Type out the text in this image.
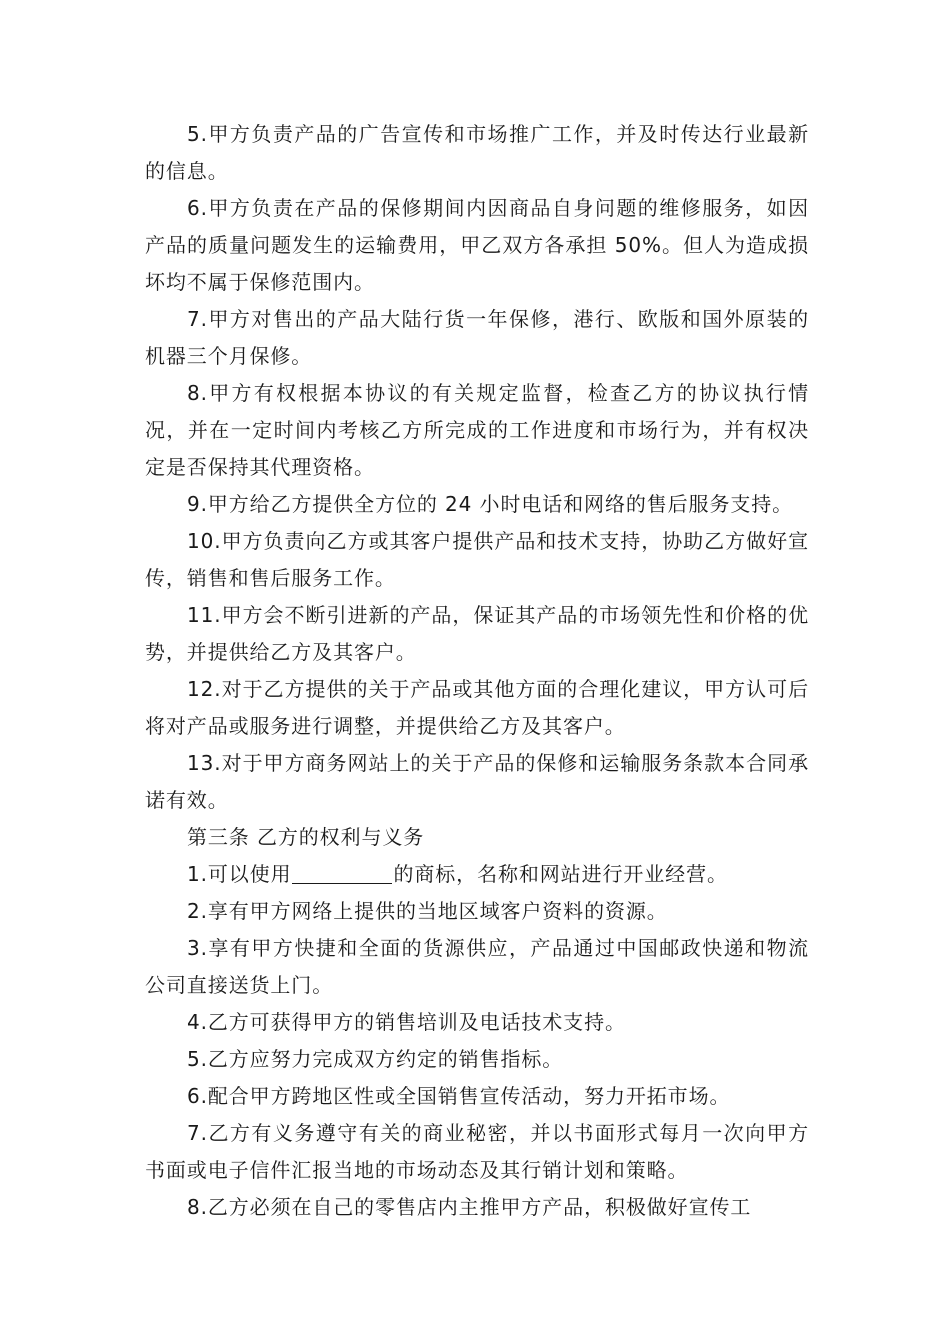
5.甲方负责产品的广告宣传和市场推广工作，并及时传达行业最新的信息。

6.甲方负责在产品的保修期间内因商品自身问题的维修服务，如因产品的质量问题发生的运输费用，甲乙双方各承担 50%。但人为造成损坏均不属于保修范围内。

7.甲方对售出的产品大陆行货一年保修，港行、欧版和国外原装的机器三个月保修。

8.甲方有权根据本协议的有关规定监督，检查乙方的协议执行情况，并在一定时间内考核乙方所完成的工作进度和市场行为，并有权决定是否保持其代理资格。

9.甲方给乙方提供全方位的 24 小时电话和网络的售后服务支持。

10.甲方负责向乙方或其客户提供产品和技术支持，协助乙方做好宣传，销售和售后服务工作。

11.甲方会不断引进新的产品，保证其产品的市场领先性和价格的优势，并提供给乙方及其客户。

12.对于乙方提供的关于产品或其他方面的合理化建议，甲方认可后将对产品或服务进行调整，并提供给乙方及其客户。

13.对于甲方商务网站上的关于产品的保修和运输服务条款本合同承诺有效。

第三条 乙方的权利与义务

1.可以使用	的商标，名称和网站进行开业经营。

2.享有甲方网络上提供的当地区域客户资料的资源。

3.享有甲方快捷和全面的货源供应，产品通过中国邮政快递和物流公司直接送货上门。

4.乙方可获得甲方的销售培训及电话技术支持。

5.乙方应努力完成双方约定的销售指标。

6.配合甲方跨地区性或全国销售宣传活动，努力开拓市场。

7.乙方有义务遵守有关的商业秘密，并以书面形式每月一次向甲方书面或电子信件汇报当地的市场动态及其行销计划和策略。

8.乙方必须在自己的零售店内主推甲方产品，积极做好宣传工
